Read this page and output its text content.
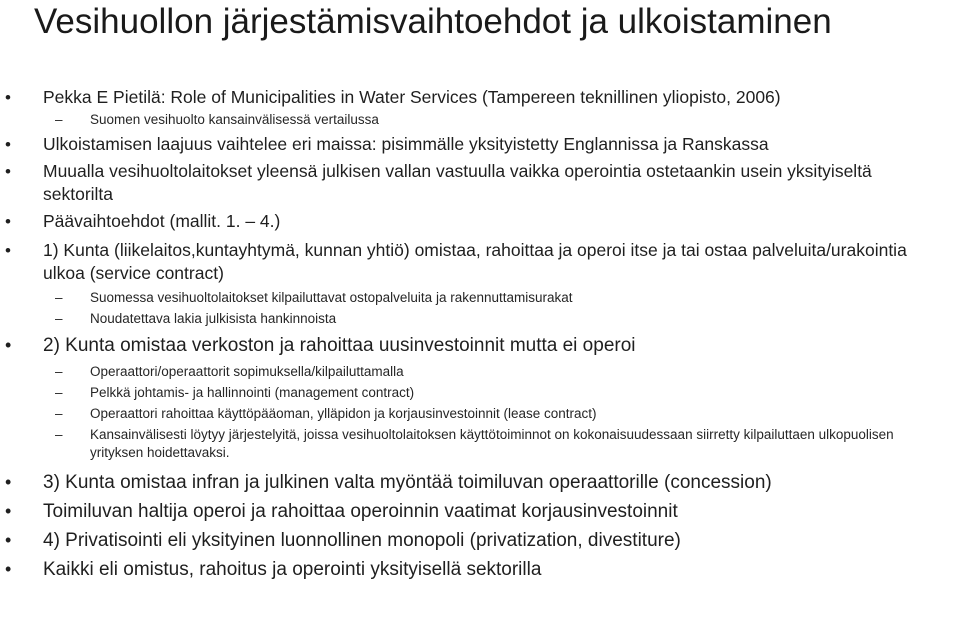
Vesihuollon järjestämisvaihtoehdot ja ulkoistaminen
• Pekka E Pietilä: Role of Municipalities in Water Services (Tampereen teknillinen yliopisto, 2006)
– Suomen vesihuolto kansainvälisessä vertailussa
• Ulkoistamisen laajuus vaihtelee eri maissa: pisimmälle yksityistetty Englannissa ja Ranskassa
• Muualla vesihuoltolaitokset yleensä julkisen vallan vastuulla vaikka operointia ostetaankin usein yksityiseltä sektorilta
• Päävaihtoehdot (mallit. 1. – 4.)
• 1) Kunta (liikelaitos,kuntayhtymä, kunnan yhtiö) omistaa, rahoittaa ja operoi itse ja tai ostaa palveluita/urakointia ulkoa (service contract)
– Suomessa vesihuoltolaitokset kilpailuttavat ostopalveluita ja rakennuttamisurakat
– Noudatettava lakia julkisista hankinnoista
• 2) Kunta omistaa verkoston ja rahoittaa uusinvestoinnit mutta ei operoi
– Operaattori/operaattorit sopimuksella/kilpailuttamalla
– Pelkkä johtamis- ja hallinnointi (management contract)
– Operaattori rahoittaa käyttöpääoman, ylläpidon ja korjausinvestoinnit (lease contract)
– Kansainvälisesti löytyy järjestelyitä, joissa vesihuoltolaitoksen käyttötoiminnot on kokonaisuudessaan siirretty kilpailuttaen ulkopuolisen yrityksen hoidettavaksi.
• 3) Kunta omistaa infran ja julkinen valta myöntää toimiluvan operaattorille (concession)
• Toimiluvan haltija operoi ja rahoittaa operoinnin vaatimat korjausinvestoinnit
• 4) Privatisointi eli yksityinen luonnollinen monopoli (privatization, divestiture)
• Kaikki eli omistus, rahoitus ja operointi yksityisellä sektorilla
